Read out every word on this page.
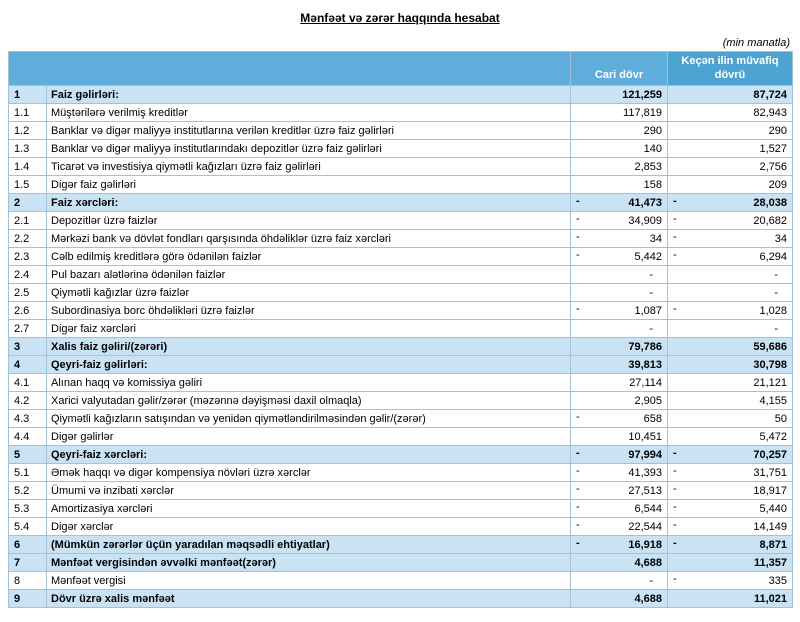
Mənfəət və zərər haqqında hesabat
(min manatla)
		Cari dövr	Keçən ilin müvafiq dövrü
1	Faiz gəlirləri:	121,259	87,724
1.1	Müştərilərə verilmiş kreditlər	117,819	82,943
1.2	Banklar və digər maliyyə institutlarına verilən kreditlər üzrə faiz gəlirləri	290	290
1.3	Banklar və digər maliyyə institutlarındakı depozitlər üzrə faiz gəlirləri	140	1,527
1.4	Ticarət və investisiya qiymətli kağızları üzrə faiz gəlirləri	2,853	2,756
1.5	Digər faiz gəlirləri	158	209
2	Faiz xərcləri:	- 41,473	- 28,038
2.1	Depozitlər üzrə faizlər	- 34,909	- 20,682
2.2	Mərkəzi bank və dövlət fondları qarşısında öhdəliklər üzrə faiz xərcləri	- 34	- 34
2.3	Cəlb edilmiş kreditlərə görə ödənilən faizlər	- 5,442	- 6,294
2.4	Pul bazarı alətlərinə ödənilən faizlər	-	-
2.5	Qiymətli kağızlar üzrə faizlər	-	-
2.6	Subordinasiya borc öhdəlikləri üzrə faizlər	- 1,087	- 1,028
2.7	Digər faiz xərcləri	-	-
3	Xalis faiz gəliri/(zərəri)	79,786	59,686
4	Qeyri-faiz gəlirləri:	39,813	30,798
4.1	Alınan haqq və komissiya gəliri	27,114	21,121
4.2	Xarici valyutadan gəlir/zərər (məzənnə dəyişməsi daxil olmaqla)	2,905	4,155
4.3	Qiymətli kağızların satışından və yenidən qiymətləndirilməsindən gəlir/(zərər)	- 658	50
4.4	Digər gəlirlər	10,451	5,472
5	Qeyri-faiz xərcləri:	- 97,994	- 70,257
5.1	Əmək haqqı və digər kompensiya növləri üzrə xərclər	- 41,393	- 31,751
5.2	Ümumi və inzibati xərclər	- 27,513	- 18,917
5.3	Amortizasiya xərcləri	- 6,544	- 5,440
5.4	Digər xərclər	- 22,544	- 14,149
6	(Mümkün zərərlər üçün yaradılan məqsədli ehtiyatlar)	- 16,918	- 8,871
7	Mənfəət vergisindən əvvəlki mənfəət(zərər)	4,688	11,357
8	Mənfəət vergisi	-	- 335
9	Dövr üzrə xalis mənfəət	4,688	11,021
